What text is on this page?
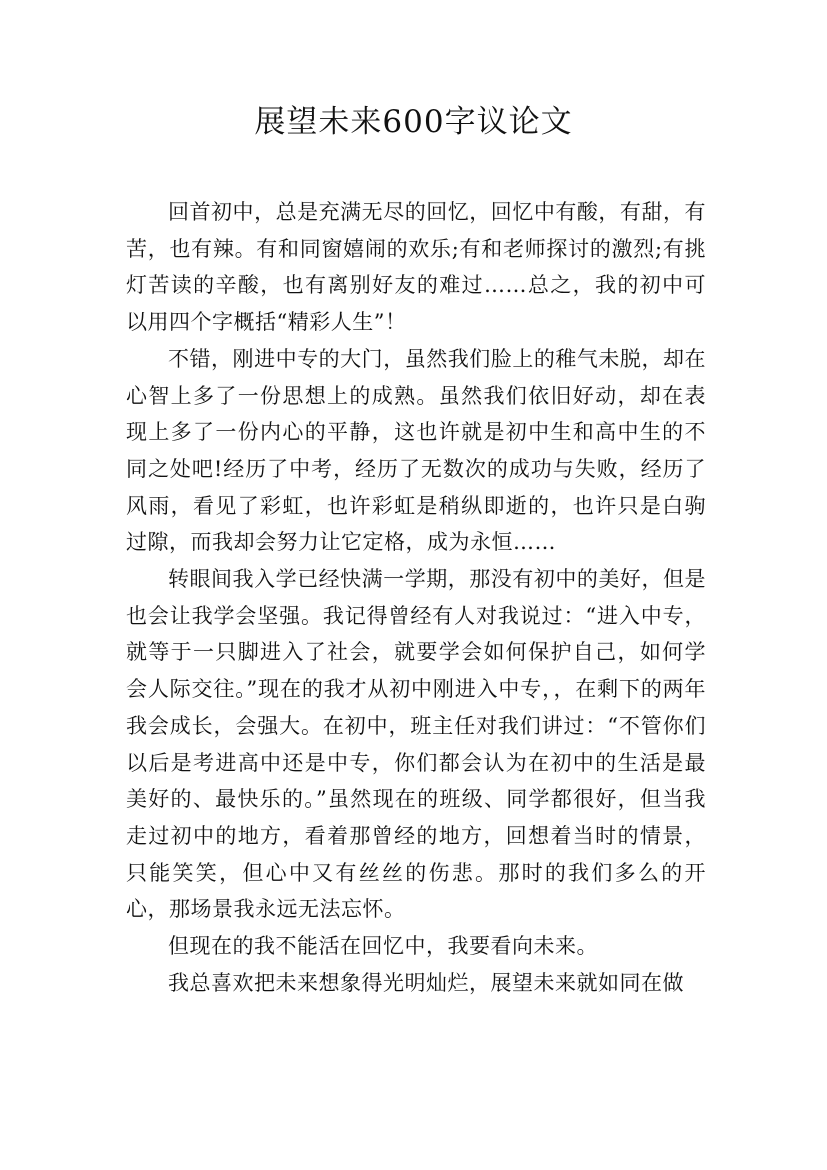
展望未来600字议论文

回首初中，总是充满无尽的回忆，回忆中有酸，有甜，有苦，也有辣。有和同窗嬉闹的欢乐;有和老师探讨的激烈;有挑灯苦读的辛酸，也有离别好友的难过……总之，我的初中可以用四个字概括“精彩人生”！

不错，刚进中专的大门，虽然我们脸上的稚气未脱，却在心智上多了一份思想上的成熟。虽然我们依旧好动，却在表现上多了一份内心的平静，这也许就是初中生和高中生的不同之处吧!经历了中考，经历了无数次的成功与失败，经历了风雨，看见了彩虹，也许彩虹是稍纵即逝的，也许只是白驹过隙，而我却会努力让它定格，成为永恒……

转眼间我入学已经快满一学期，那没有初中的美好，但是也会让我学会坚强。我记得曾经有人对我说过：“进入中专，就等于一只脚进入了社会，就要学会如何保护自己，如何学会人际交往。”现在的我才从初中刚进入中专，，在剩下的两年我会成长，会强大。在初中，班主任对我们讲过：“不管你们以后是考进高中还是中专，你们都会认为在初中的生活是最美好的、最快乐的。”虽然现在的班级、同学都很好，但当我走过初中的地方，看着那曾经的地方，回想着当时的情景，只能笑笑，但心中又有丝丝的伤悲。那时的我们多么的开心，那场景我永远无法忘怀。

但现在的我不能活在回忆中，我要看向未来。

我总喜欢把未来想象得光明灿烂，展望未来就如同在做
